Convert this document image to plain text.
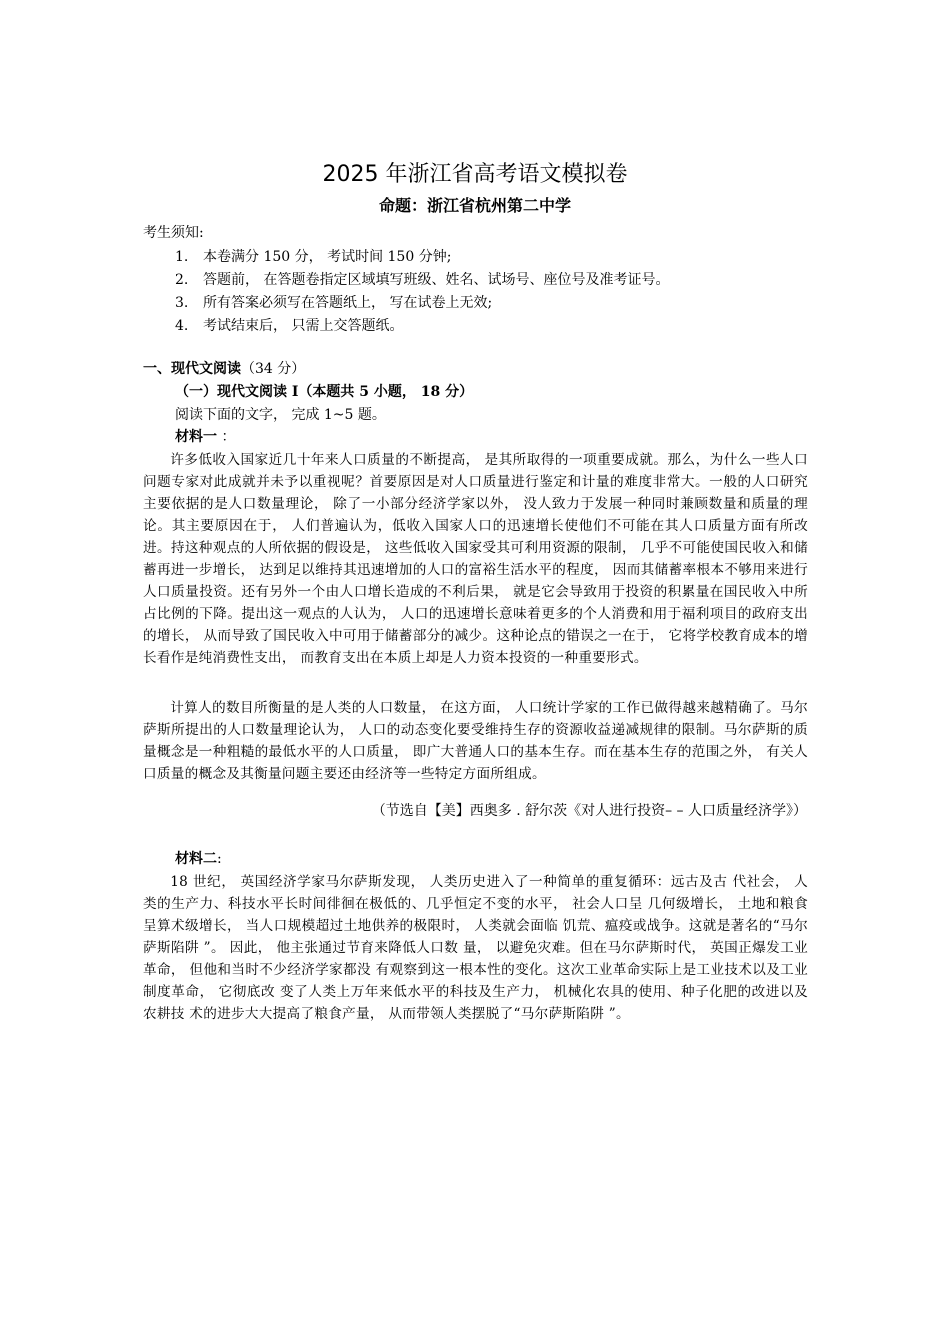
2025 年浙江省高考语文模拟卷
命题：浙江省杭州第二中学
考生须知:
1. 本卷满分 150 分， 考试时间 150 分钟;
2. 答题前， 在答题卷指定区域填写班级、姓名、试场号、座位号及准考证号。
3. 所有答案必须写在答题纸上， 写在试卷上无效;
4. 考试结束后， 只需上交答题纸。
一、现代文阅读（34 分）
（一）现代文阅读 I（本题共 5 小题， 18 分）
阅读下面的文字， 完成 1~5 题。
材料一 ：

许多低收入国家近几十年来人口质量的不断提高， 是其所取得的一项重要成就。那么，为什么一些人口问题专家对此成就并未予以重视呢？首要原因是对人口质量进行鉴定和计量的难度非常大。一般的人口研究主要依据的是人口数量理论， 除了一小部分经济学家以外， 没人致力于发展一种同时兼顾数量和质量的理论。其主要原因在于， 人们普遍认为，低收入国家人口的迅速增长使他们不可能在其人口质量方面有所改进。持这种观点的人所依据的假设是， 这些低收入国家受其可利用资源的限制， 几乎不可能使国民收入和储蓄再进一步增长， 达到足以维持其迅速增加的人口的富裕生活水平的程度， 因而其储蓄率根本不够用来进行人口质量投资。还有另外一个由人口增长造成的不利后果， 就是它会导致用于投资的积累量在国民收入中所占比例的下降。提出这一观点的人认为， 人口的迅速增长意味着更多的个人消费和用于福利项目的政府支出的增长， 从而导致了国民收入中可用于储蓄部分的减少。这种论点的错误之一在于， 它将学校教育成本的增长看作是纯消费性支出， 而教育支出在本质上却是人力资本投资的一种重要形式。

计算人的数目所衡量的是人类的人口数量， 在这方面， 人口统计学家的工作已做得越来越精确了。马尔萨斯所提出的人口数量理论认为， 人口的动态变化要受维持生存的资源收益递减规律的限制。马尔萨斯的质量概念是一种粗糙的最低水平的人口质量， 即广大普通人口的基本生存。而在基本生存的范围之外， 有关人口质量的概念及其衡量问题主要还由经济等一些特定方面所组成。

（节选自【美】西奥多 . 舒尔茨《对人进行投资– – 人口质量经济学》）
材料二:

18 世纪， 英国经济学家马尔萨斯发现， 人类历史进入了一种简单的重复循环：远古及古 代社会， 人类的生产力、科技水平长时间徘徊在极低的、几乎恒定不变的水平， 社会人口呈 几何级增长， 土地和粮食呈算术级增长， 当人口规模超过土地供养的极限时， 人类就会面临 饥荒、瘟疫或战争。这就是著名的“马尔萨斯陷阱 ”。 因此， 他主张通过节育来降低人口数 量， 以避免灾难。但在马尔萨斯时代， 英国正爆发工业革命， 但他和当时不少经济学家都没 有观察到这一根本性的变化。这次工业革命实际上是工业技术以及工业制度革命， 它彻底改 变了人类上万年来低水平的科技及生产力， 机械化农具的使用、种子化肥的改进以及农耕技 术的进步大大提高了粮食产量， 从而带领人类摆脱了“马尔萨斯陷阱 ”。
